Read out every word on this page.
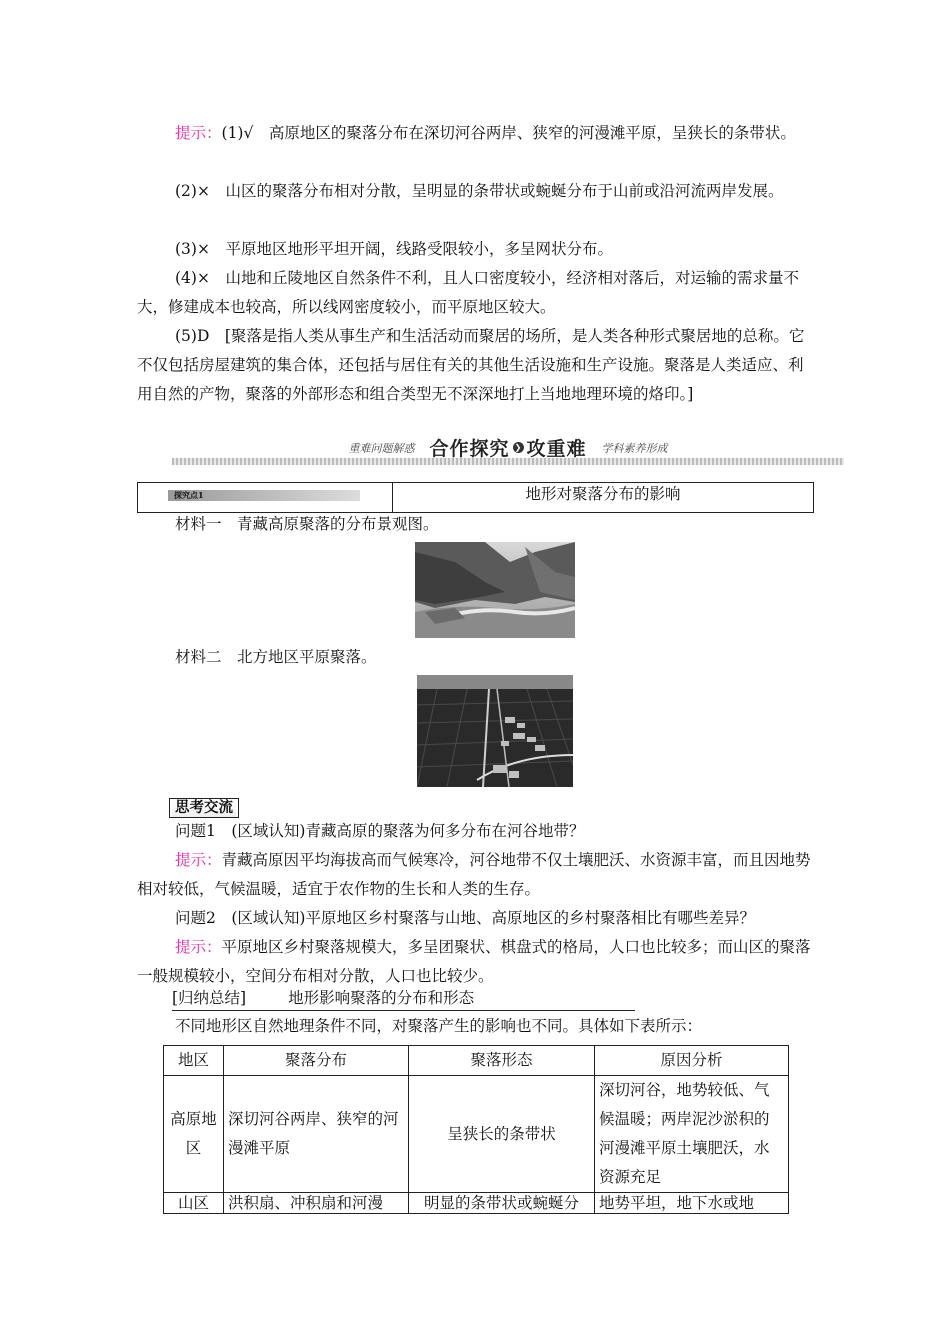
提示：(1)√　 高原地区的聚落分布在深切河谷两岸、狭窄的河漫滩平原，呈狭长的条带状。

(2)×　山区的聚落分布相对分散，呈明显的条带状或蜿蜒分布于山前或沿河流两岸发展。

(3)×　平原地区地形平坦开阔，线路受限较小，多呈网状分布。

(4)×　山地和丘陵地区自然条件不利，且人口密度较小，经济相对落后，对运输的需求量不大，修建成本也较高，所以线网密度较小，而平原地区较大。

(5)D　[聚落是指人类从事生产和生活活动而聚居的场所，是人类各种形式聚居地的总称。它不仅包括房屋建筑的集合体，还包括与居住有关的其他生活设施和生产设施。聚落是人类适应、利用自然的产物，聚落的外部形态和组合类型无不深深地打上当地地理环境的烙印。]

重难问题解惑 合作探究 ❯ 攻重难 学科素养形成
探究点1	地形对聚落分布的影响

材料一　青藏高原聚落的分布景观图。

材料二　北方地区平原聚落。

思考交流

问题1　(区域认知)青藏高原的聚落为何多分布在河谷地带？

提示：青藏高原因平均海拔高而气候寒冷，河谷地带不仅土壤肥沃、水资源丰富，而且因地势相对较低，气候温暖，适宜于农作物的生长和人类的生存。

问题2　(区域认知)平原地区乡村聚落与山地、高原地区的乡村聚落相比有哪些差异？

提示：平原地区乡村聚落规模大，多呈团聚状、棋盘式的格局，人口也比较多；而山区的聚落一般规模较小，空间分布相对分散，人口也比较少。

[归纳总结]	地形影响聚落的分布和形态

不同地形区自然地理条件不同，对聚落产生的影响也不同。具体如下表所示：

地区	聚落分布	聚落形态	原因分析
高原地区	深切河谷两岸、狭窄的河漫滩平原	呈狭长的条带状	深切河谷，地势较低、气候温暖；两岸泥沙淤积的河漫滩平原土壤肥沃，水资源充足

山区	洪积扇、冲积扇和河漫	明显的条带状或蜿蜒分	地势平坦，地下水或地
